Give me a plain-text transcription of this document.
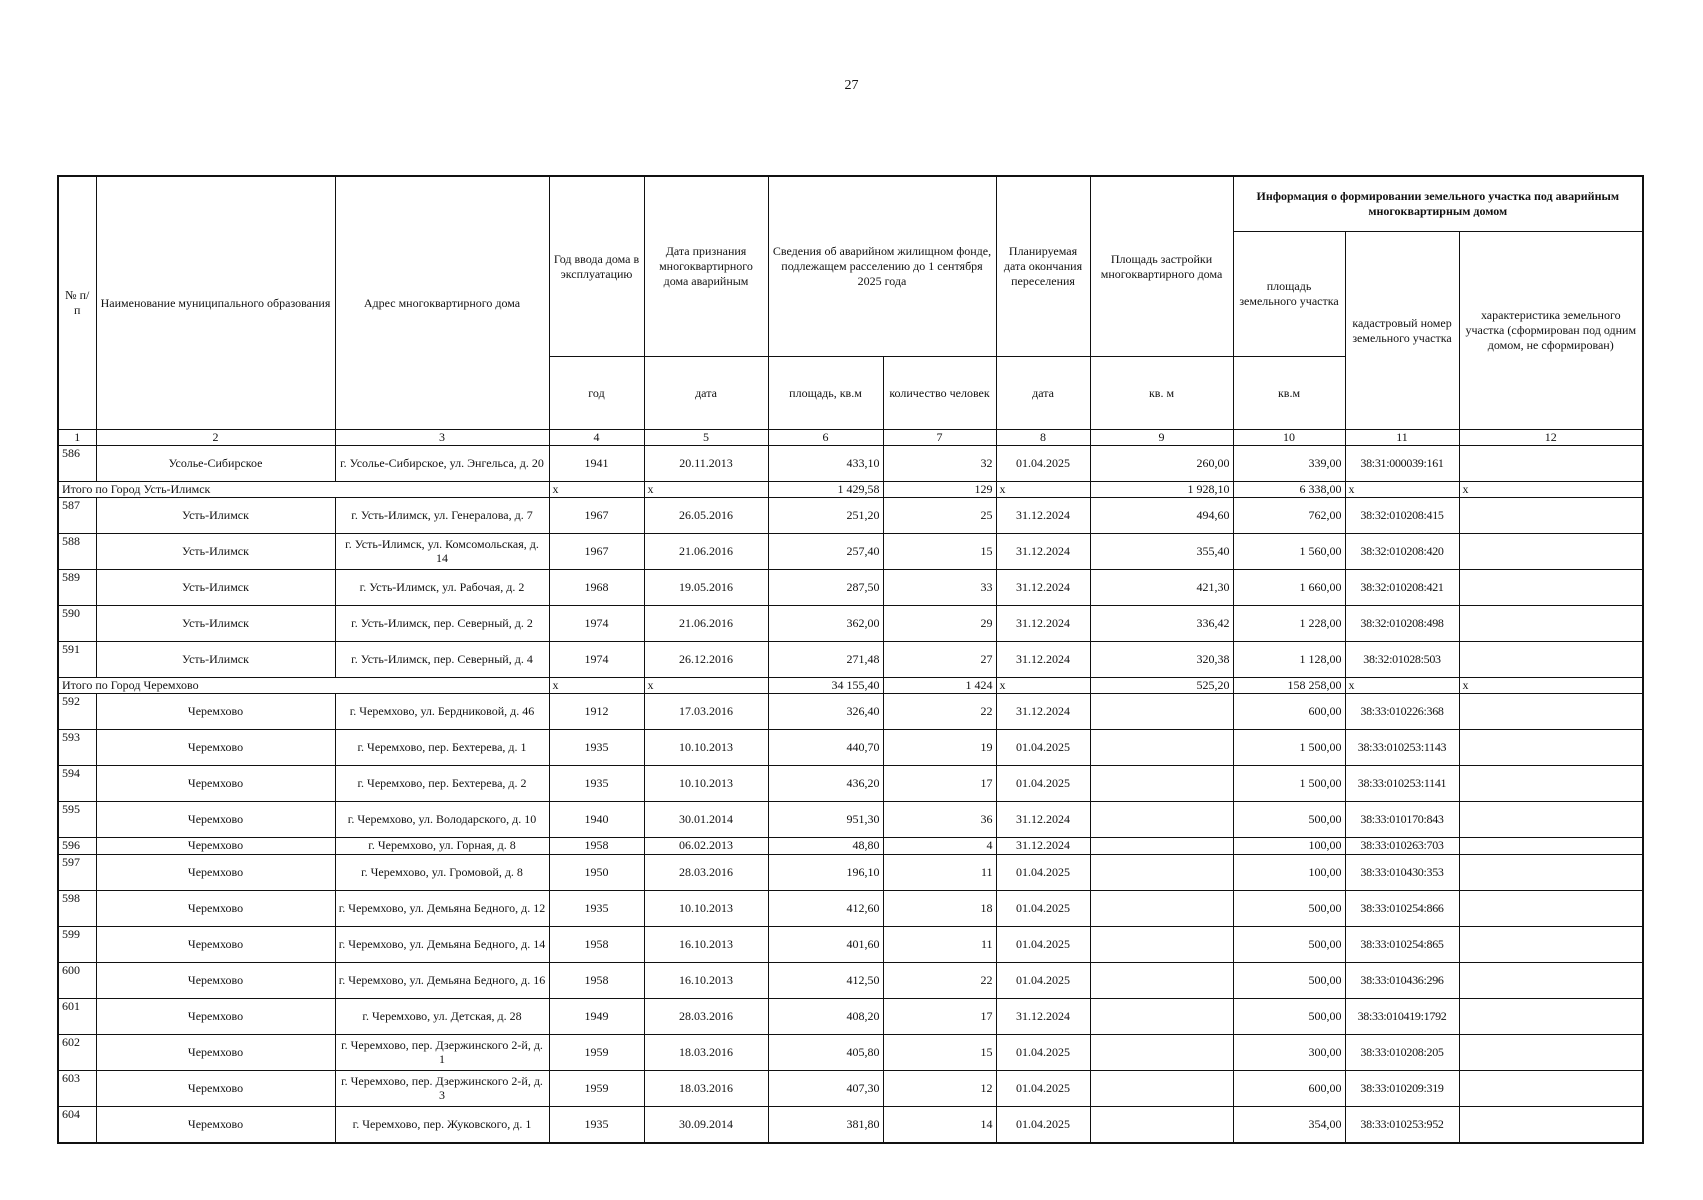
27
№ п/п	Наименование муниципального образования	Адрес многоквартирного дома	Год ввода дома в эксплуатацию	Дата признания многоквартирного дома аварийным	Сведения об аварийном жилищном фонде, подлежащем расселению до 1 сентября 2025 года		Планируемая дата окончания переселения	Площадь застройки многоквартирного дома	Информация о формировании земельного участка под аварийным многоквартирным домом		
									площадь земельного участка	кадастровый номер земельного участка	характеристика земельного участка (сформирован под одним домом, не сформирован)
			год	дата	площадь, кв.м	количество человек	дата	кв. м	кв.м		
1	2	3	4	5	6	7	8	9	10	11	12
586	Усолье-Сибирское	г. Усолье-Сибирское, ул. Энгельса, д. 20	1941	20.11.2013	433,10	32	01.04.2025	260,00	339,00	38:31:000039:161	
Итого по Город Усть-Илимск			x	x	1 429,58	129	x	1 928,10	6 338,00	x	x
587	Усть-Илимск	г. Усть-Илимск, ул. Генералова, д. 7	1967	26.05.2016	251,20	25	31.12.2024	494,60	762,00	38:32:010208:415	
588	Усть-Илимск	г. Усть-Илимск, ул. Комсомольская, д. 14	1967	21.06.2016	257,40	15	31.12.2024	355,40	1 560,00	38:32:010208:420	
589	Усть-Илимск	г. Усть-Илимск, ул. Рабочая, д. 2	1968	19.05.2016	287,50	33	31.12.2024	421,30	1 660,00	38:32:010208:421	
590	Усть-Илимск	г. Усть-Илимск, пер. Северный, д. 2	1974	21.06.2016	362,00	29	31.12.2024	336,42	1 228,00	38:32:010208:498	
591	Усть-Илимск	г. Усть-Илимск, пер. Северный, д. 4	1974	26.12.2016	271,48	27	31.12.2024	320,38	1 128,00	38:32:01028:503	
Итого по Город Черемхово			x	x	34 155,40	1 424	x	525,20	158 258,00	x	x
592	Черемхово	г. Черемхово, ул. Бердниковой, д. 46	1912	17.03.2016	326,40	22	31.12.2024		600,00	38:33:010226:368	
593	Черемхово	г. Черемхово, пер. Бехтерева, д. 1	1935	10.10.2013	440,70	19	01.04.2025		1 500,00	38:33:010253:1143	
594	Черемхово	г. Черемхово, пер. Бехтерева, д. 2	1935	10.10.2013	436,20	17	01.04.2025		1 500,00	38:33:010253:1141	
595	Черемхово	г. Черемхово, ул. Володарского, д. 10	1940	30.01.2014	951,30	36	31.12.2024		500,00	38:33:010170:843	
596	Черемхово	г. Черемхово, ул. Горная, д. 8	1958	06.02.2013	48,80	4	31.12.2024		100,00	38:33:010263:703	
597	Черемхово	г. Черемхово, ул. Громовой, д. 8	1950	28.03.2016	196,10	11	01.04.2025		100,00	38:33:010430:353	
598	Черемхово	г. Черемхово, ул. Демьяна Бедного, д. 12	1935	10.10.2013	412,60	18	01.04.2025		500,00	38:33:010254:866	
599	Черемхово	г. Черемхово, ул. Демьяна Бедного, д. 14	1958	16.10.2013	401,60	11	01.04.2025		500,00	38:33:010254:865	
600	Черемхово	г. Черемхово, ул. Демьяна Бедного, д. 16	1958	16.10.2013	412,50	22	01.04.2025		500,00	38:33:010436:296	
601	Черемхово	г. Черемхово, ул. Детская, д. 28	1949	28.03.2016	408,20	17	31.12.2024		500,00	38:33:010419:1792	
602	Черемхово	г. Черемхово, пер. Дзержинского 2-й, д. 1	1959	18.03.2016	405,80	15	01.04.2025		300,00	38:33:010208:205	
603	Черемхово	г. Черемхово, пер. Дзержинского 2-й, д. 3	1959	18.03.2016	407,30	12	01.04.2025		600,00	38:33:010209:319	
604	Черемхово	г. Черемхово, пер. Жуковского, д. 1	1935	30.09.2014	381,80	14	01.04.2025		354,00	38:33:010253:952	
